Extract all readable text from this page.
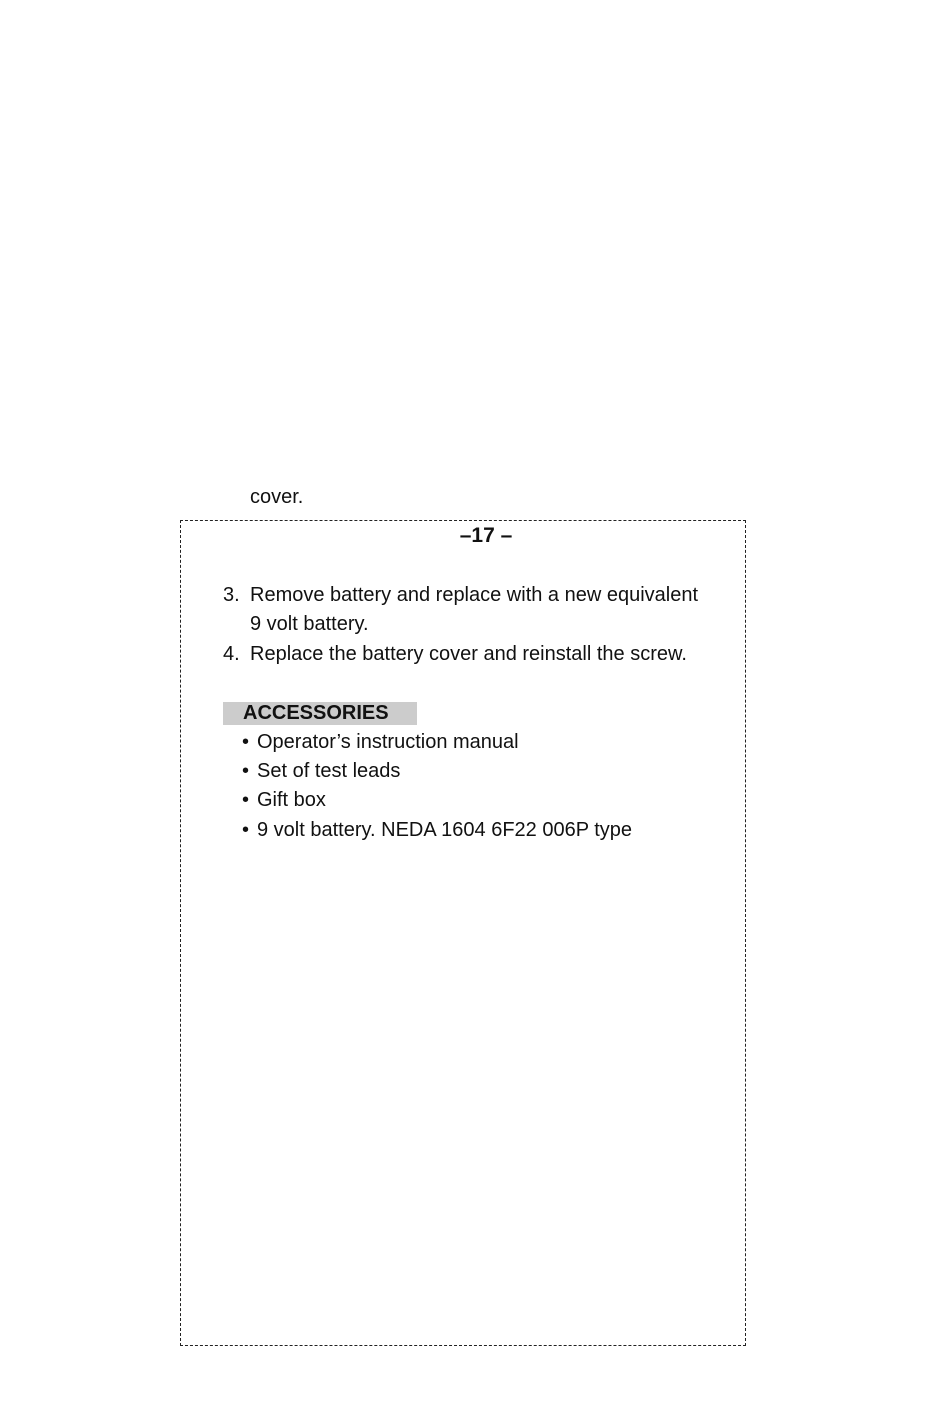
cover.
–17 –
3. Remove battery and replace with a new equivalent
9 volt battery.
4. Replace the battery cover and reinstall the screw.
ACCESSORIES
• Operator’s instruction manual
• Set of test leads
• Gift box
• 9 volt battery. NEDA 1604 6F22 006P type
